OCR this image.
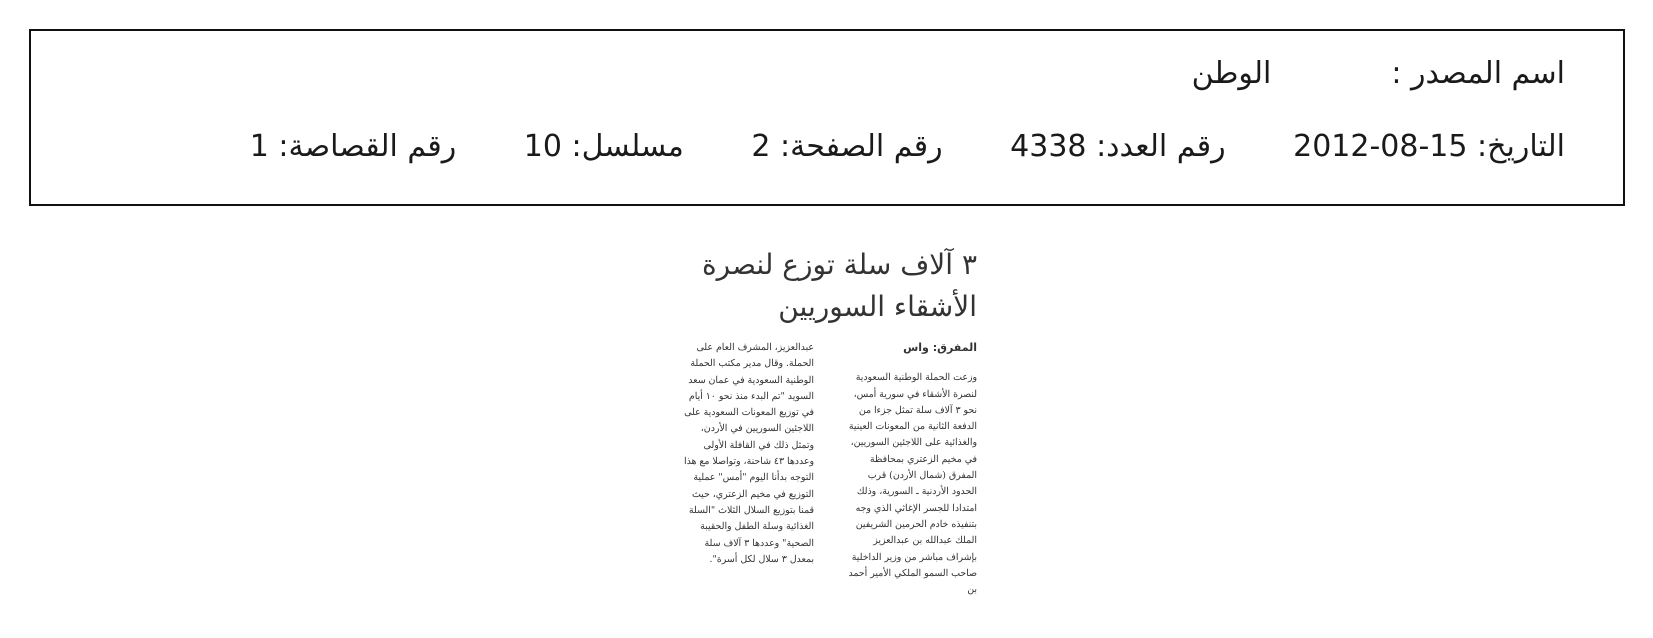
اسم المصدر :الوطن
التاريخ: 2012-08-15 رقم العدد: 4338 رقم الصفحة: 2 مسلسل: 10 رقم القصاصة: 1
٣ آلاف سلة توزع لنصرة
الأشقاء السوريين

المفرق: واس

وزعت الحملة الوطنية السعودية لنصرة الأشقاء في سورية أمس، نحو ٣ آلاف سلة تمثل جزءا من الدفعة الثانية من المعونات العينية والغذائية على اللاجئين السوريين، في مخيم الزعتري بمحافظة المفرق (شمال الأردن) قرب الحدود الأردنية ـ السورية، وذلك امتدادا للجسر الإغاثي الذي وجه بتنفيذه خادم الحرمين الشريفين الملك عبدالله بن عبدالعزيز بإشراف مباشر من وزير الداخلية صاحب السمو الملكي الأمير أحمد بن

عبدالعزيز، المشرف العام على الحملة. وقال مدير مكتب الحملة الوطنية السعودية في عمان سعد السويد "تم البدء منذ نحو ١٠ أيام في توزيع المعونات السعودية على اللاجئين السوريين في الأردن، وتمثل ذلك في القافلة الأولى وعددها ٤٣ شاحنة، وتواصلا مع هذا التوجه بدأنا اليوم "أمس" عملية التوزيع في مخيم الزعتري، حيث قمنا بتوزيع السلال الثلاث "السلة الغذائية وسلة الطفل والحقيبة الصحية" وعددها ٣ آلاف سلة بمعدل ٣ سلال لكل أسرة".
